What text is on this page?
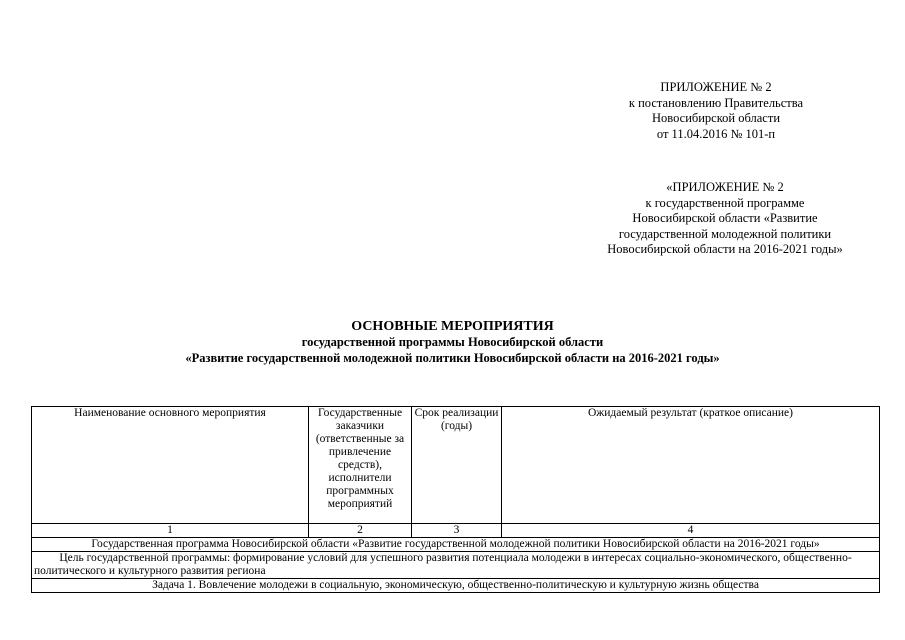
ПРИЛОЖЕНИЕ № 2
к постановлению Правительства
Новосибирской области
от 11.04.2016 № 101-п
«ПРИЛОЖЕНИЕ № 2
к государственной программе
Новосибирской области «Развитие
государственной молодежной политики
Новосибирской области на 2016-2021 годы»
ОСНОВНЫЕ МЕРОПРИЯТИЯ
государственной программы Новосибирской области
«Развитие государственной молодежной политики Новосибирской области на 2016-2021 годы»
Наименование основного мероприятия	Государственные заказчики (ответственные за привлечение средств), исполнители программных мероприятий	Срок реализации (годы)	Ожидаемый результат (краткое описание)
1	2	3	4
Государственная программа Новосибирской области «Развитие государственной молодежной политики Новосибирской области на 2016-2021 годы»			
Цель государственной программы: формирование условий для успешного развития потенциала молодежи в интересах социально-экономического, общественно-политического и культурного развития региона			
Задача 1. Вовлечение молодежи в социальную, экономическую, общественно-политическую и культурную жизнь общества			
